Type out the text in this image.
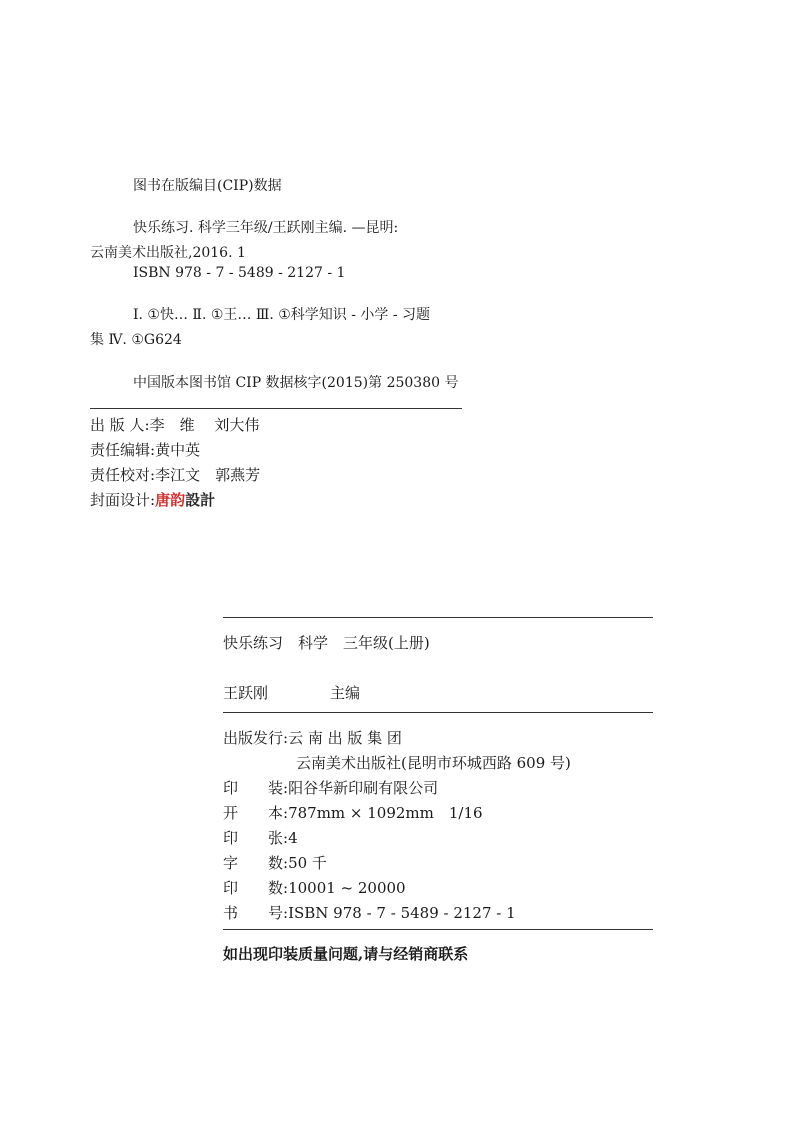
图书在版编目(CIP)数据
快乐练习. 科学三年级/王跃刚主编. —昆明:
云南美术出版社,2016. 1
ISBN 978 - 7 - 5489 - 2127 - 1
Ⅰ. ①快… Ⅱ. ①王… Ⅲ. ①科学知识 - 小学 - 习题
集 Ⅳ. ①G624
中国版本图书馆 CIP 数据核字(2015)第 250380 号
出 版 人:李　维　 刘大伟
责任编辑:黄中英
责任校对:李江文　郭燕芳
封面设计:唐韵設計
快乐练习　科学　三年级(上册)
王跃刚	主编
出版发行:云 南 出 版 集 团
云南美术出版社(昆明市环城西路 609 号)
印　　装:阳谷华新印刷有限公司
开　　本:787mm × 1092mm　1/16
印　　张:4
字　　数:50 千
印　　数:10001 ~ 20000
书　　号:ISBN 978 - 7 - 5489 - 2127 - 1
如出现印装质量问题,请与经销商联系
